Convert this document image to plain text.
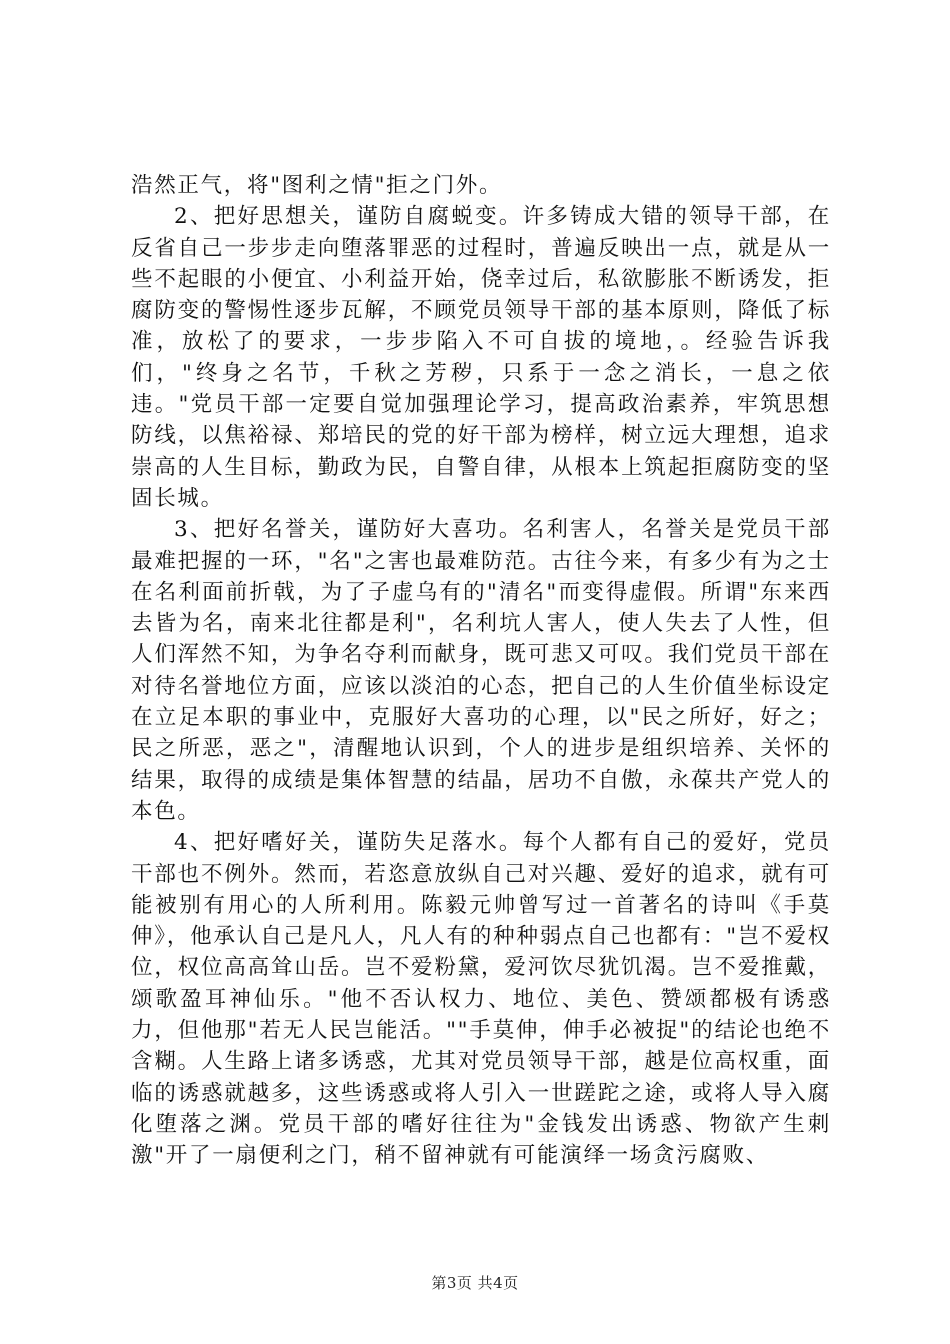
浩然正气，将"图利之情"拒之门外。

2、把好思想关，谨防自腐蜕变。许多铸成大错的领导干部，在反省自己一步步走向堕落罪恶的过程时，普遍反映出一点，就是从一些不起眼的小便宜、小利益开始，侥幸过后，私欲膨胀不断诱发，拒腐防变的警惕性逐步瓦解，不顾党员领导干部的基本原则，降低了标准，放松了的要求，一步步陷入不可自拔的境地，。经验告诉我们，"终身之名节，千秋之芳秽，只系于一念之消长，一息之依违。"党员干部一定要自觉加强理论学习，提高政治素养，牢筑思想防线，以焦裕禄、郑培民的党的好干部为榜样，树立远大理想，追求崇高的人生目标，勤政为民，自警自律，从根本上筑起拒腐防变的坚固长城。

3、把好名誉关，谨防好大喜功。名利害人，名誉关是党员干部最难把握的一环，"名"之害也最难防范。古往今来，有多少有为之士在名利面前折戟，为了子虚乌有的"清名"而变得虚假。所谓"东来西去皆为名，南来北往都是利"，名利坑人害人，使人失去了人性，但人们浑然不知，为争名夺利而献身，既可悲又可叹。我们党员干部在对待名誉地位方面，应该以淡泊的心态，把自己的人生价值坐标设定在立足本职的事业中，克服好大喜功的心理，以"民之所好，好之；民之所恶，恶之"，清醒地认识到，个人的进步是组织培养、关怀的结果，取得的成绩是集体智慧的结晶，居功不自傲，永葆共产党人的本色。

4、把好嗜好关，谨防失足落水。每个人都有自己的爱好，党员干部也不例外。然而，若恣意放纵自己对兴趣、爱好的追求，就有可能被别有用心的人所利用。陈毅元帅曾写过一首著名的诗叫《手莫伸》，他承认自己是凡人，凡人有的种种弱点自己也都有："岂不爱权位，权位高高耸山岳。岂不爱粉黛，爱河饮尽犹饥渴。岂不爱推戴，颂歌盈耳神仙乐。"他不否认权力、地位、美色、赞颂都极有诱惑力，但他那"若无人民岂能活。""手莫伸，伸手必被捉"的结论也绝不含糊。人生路上诸多诱惑，尤其对党员领导干部，越是位高权重，面临的诱惑就越多，这些诱惑或将人引入一世蹉跎之途，或将人导入腐化堕落之渊。党员干部的嗜好往往为"金钱发出诱惑、物欲产生刺激"开了一扇便利之门，稍不留神就有可能演绎一场贪污腐败、

第3页 共4页
